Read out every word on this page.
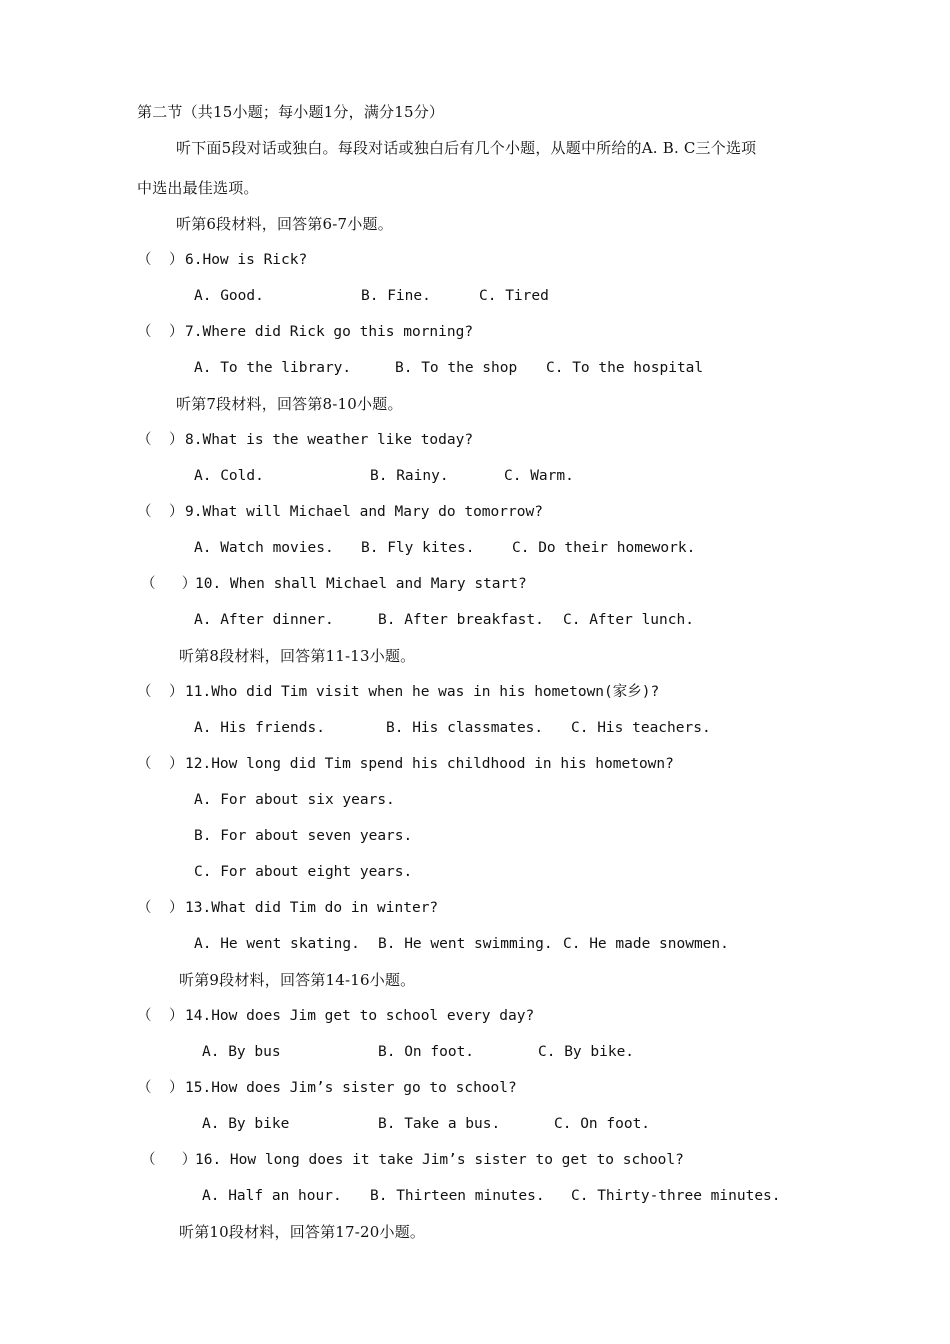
第二节（共15小题；每小题1分，满分15分）
听下面5段对话或独白。每段对话或独白后有几个小题，从题中所给的A. B. C三个选项
中选出最佳选项。
听第6段材料，回答第6-7小题。

（  ）

6.How is Rick?

A. Good.	B. Fine.	C. Tired

（  ）

7.Where did Rick go this morning?

A. To the library.	B. To the shop C. To the hospital
听第7段材料，回答第8-10小题。

（  ）

8.What is the weather like today?

A. Cold.	B. Rainy.	C. Warm.

（  ）

9.What will Michael and Mary do tomorrow?

A. Watch movies. B. Fly kites.	C. Do their homework.

（   ）

10. When shall Michael and Mary start?

A. After dinner.	B. After breakfast. C. After lunch.
听第8段材料，回答第11-13小题。

（  ）

11.Who did Tim visit when he was in his hometown(家乡)?

A. His friends.	B. His classmates. C. His teachers.

（  ）

12.How long did Tim spend his childhood in his hometown?

A. For about six years.
B. For about seven years.
C. For about eight years.

（  ）

13.What did Tim do in winter?

A. He went skating. B. He went swimming. C. He made snowmen.
听第9段材料，回答第14-16小题。

（  ）

14.How does Jim get to school every day?

A. By bus	B. On foot.	C. By bike.

（  ）

15.How does Jim’s sister go to school?

A. By bike	B. Take a bus.	C. On foot.

（   ）

16. How long does it take Jim’s sister to get to school?

A. Half an hour. B. Thirteen minutes. C. Thirty-three minutes.
听第10段材料，回答第17-20小题。
